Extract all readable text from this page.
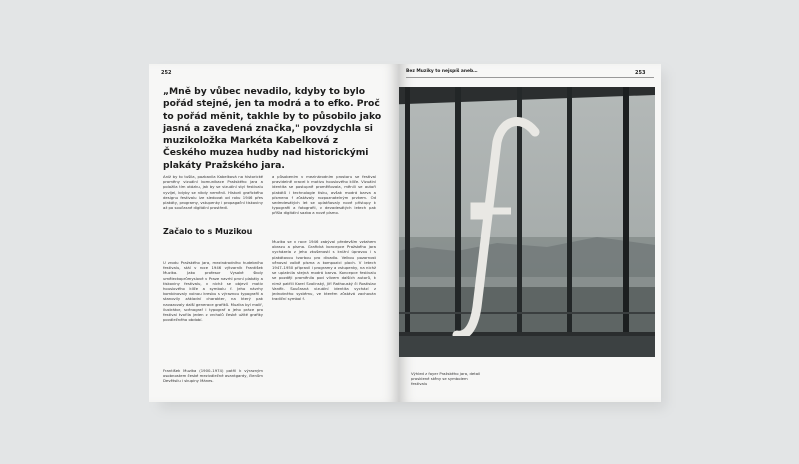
252
„Mně by vůbec nevadilo, kdyby to bylo pořád stejné, jen ta modrá a to efko. Proč to pořád měnit, takhle by to působilo jako jasná a zavedená značka," povzdychla si muzikoložka Markéta Kabelková z Českého muzea hudby nad historickými plakáty Pražského jara.
Aniž by to tušila, pozbavila Kabelková na historické proměny vizuální komunikace Pražského jara a položila tím otázku, jak by se vizuální styl festivalu vyvíjel, kdyby se nikdy neměnil. Historii grafického designu festivalu lze sledovat od roku 1946 přes plakáty, programy, vstupenky i propagační tiskoviny až po současné digitální prostředí.
Začalo to s Muzikou
U zrodu Pražského jara, mezinárodního hudebního festivalu, stál v roce 1946 výtvarník František Muzika. Jako profesor Vysoké školy uměleckoprůmyslové v Praze navrhl první plakáty a tiskoviny festivalu, v nichž se objevil motiv houslového klíče a symbolu f. Jeho návrhy kombinovaly volnou kresbu s výraznou typografií a stanovily základní charakter, na který pak navazovaly další generace grafiků. Muzika byl malíř, ilustrátor, scénograf i typograf a jeho práce pro festival tvořila jeden z vrcholů české užité grafiky poválečného období.
František Muzika (1900–1974) patřil k výrazným osobnostem české meziválečné avantgardy, členům Devětsilu i skupiny Mánes.
a působením v mezinárodním prostoru se festival pravidelně vracel k motivu houslového klíče. Vizuální identita se postupně proměňovala, měnili se autoři plakátů i technologie tisku, avšak modrá barva a písmeno f zůstávaly rozpoznatelným prvkem. Od sedmdesátých let se uplatňovaly nové přístupy k typografii a fotografii, v devadesátých letech pak přišla digitální sazba a nové písmo.
Muzika se v roce 1946 zabýval především vztahem obrazu a písma. Grafická koncepce Pražského jara vycházela z jeho zkušeností s knižní úpravou i s plakátovou tvorbou pro divadlo. Velkou pozornost věnoval volbě písma a kompozici ploch. V letech 1947–1950 připravil i programy a vstupenky, na nichž se uplatnila stejná modrá barva. Koncepce festivalu se později proměnila pod vlivem dalších autorů, k nimž patřili Karel Svolinský, Jiří Rathouský či Rostislav Vaněk. Současná vizuální identita vychází z jednotného systému, ve kterém zůstává zachován tradiční symbol f.
Bez Muziky to nejspíš aneb…	253
Výhled z foyer Pražského jara, detail prosklené stěny se symbolem festivalu
